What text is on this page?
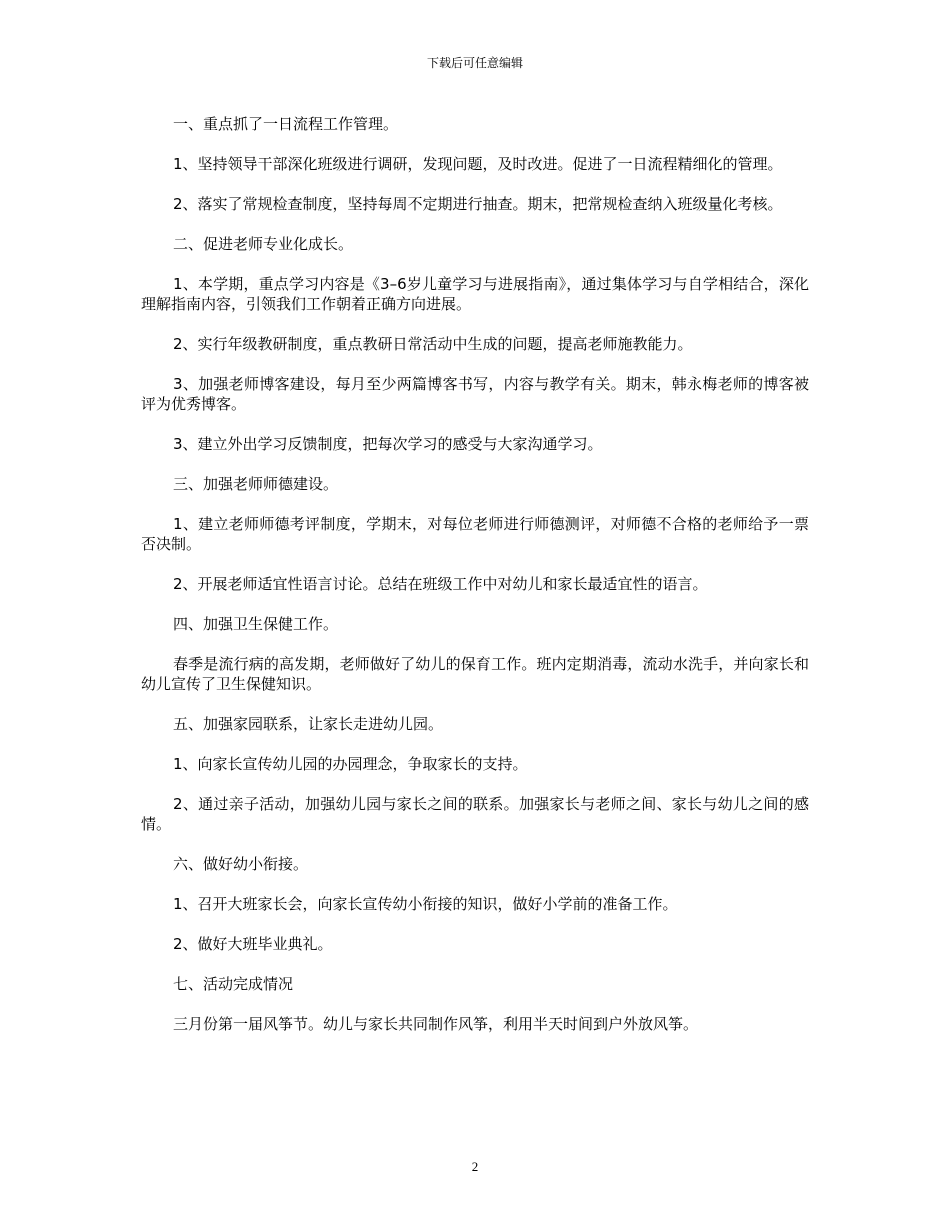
下载后可任意编辑

一、重点抓了一日流程工作管理。

1、坚持领导干部深化班级进行调研，发现问题，及时改进。促进了一日流程精细化的管理。

2、落实了常规检查制度，坚持每周不定期进行抽查。期末，把常规检查纳入班级量化考核。

二、促进老师专业化成长。

1、本学期，重点学习内容是《3–6岁儿童学习与进展指南》，通过集体学习与自学相结合，深化理解指南内容，引领我们工作朝着正确方向进展。

2、实行年级教研制度，重点教研日常活动中生成的问题，提高老师施教能力。

3、加强老师博客建设，每月至少两篇博客书写，内容与教学有关。期末，韩永梅老师的博客被评为优秀博客。

3、建立外出学习反馈制度，把每次学习的感受与大家沟通学习。

三、加强老师师德建设。

1、建立老师师德考评制度，学期末，对每位老师进行师德测评，对师德不合格的老师给予一票否决制。

2、开展老师适宜性语言讨论。总结在班级工作中对幼儿和家长最适宜性的语言。

四、加强卫生保健工作。

春季是流行病的高发期，老师做好了幼儿的保育工作。班内定期消毒，流动水洗手，并向家长和幼儿宣传了卫生保健知识。

五、加强家园联系，让家长走进幼儿园。

1、向家长宣传幼儿园的办园理念，争取家长的支持。

2、通过亲子活动，加强幼儿园与家长之间的联系。加强家长与老师之间、家长与幼儿之间的感情。

六、做好幼小衔接。

1、召开大班家长会，向家长宣传幼小衔接的知识，做好小学前的准备工作。

2、做好大班毕业典礼。

七、活动完成情况

三月份第一届风筝节。幼儿与家长共同制作风筝，利用半天时间到户外放风筝。

2
